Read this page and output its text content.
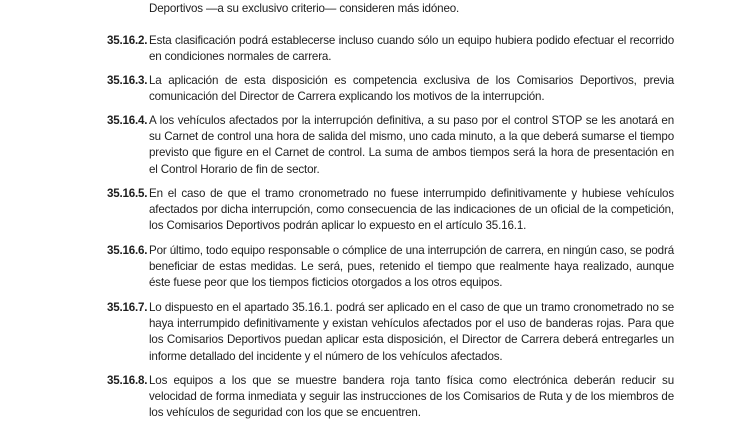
Deportivos —a su exclusivo criterio— consideren más idóneo.
35.16.2. Esta clasificación podrá establecerse incluso cuando sólo un equipo hubiera podido efectuar el recorrido en condiciones normales de carrera.
35.16.3. La aplicación de esta disposición es competencia exclusiva de los Comisarios Deportivos, previa comunicación del Director de Carrera explicando los motivos de la interrupción.
35.16.4. A los vehículos afectados por la interrupción definitiva, a su paso por el control STOP se les anotará en su Carnet de control una hora de salida del mismo, uno cada minuto, a la que deberá sumarse el tiempo previsto que figure en el Carnet de control. La suma de ambos tiempos será la hora de presentación en el Control Horario de fin de sector.
35.16.5. En el caso de que el tramo cronometrado no fuese interrumpido definitivamente y hubiese vehículos afectados por dicha interrupción, como consecuencia de las indicaciones de un oficial de la competición, los Comisarios Deportivos podrán aplicar lo expuesto en el artículo 35.16.1.
35.16.6. Por último, todo equipo responsable o cómplice de una interrupción de carrera, en ningún caso, se podrá beneficiar de estas medidas. Le será, pues, retenido el tiempo que realmente haya realizado, aunque éste fuese peor que los tiempos ficticios otorgados a los otros equipos.
35.16.7. Lo dispuesto en el apartado 35.16.1. podrá ser aplicado en el caso de que un tramo cronometrado no se haya interrumpido definitivamente y existan vehículos afectados por el uso de banderas rojas. Para que los Comisarios Deportivos puedan aplicar esta disposición, el Director de Carrera deberá entregarles un informe detallado del incidente y el número de los vehículos afectados.
35.16.8. Los equipos a los que se muestre bandera roja tanto física como electrónica deberán reducir su velocidad de forma inmediata y seguir las instrucciones de los Comisarios de Ruta y de los miembros de los vehículos de seguridad con los que se encuentren.
